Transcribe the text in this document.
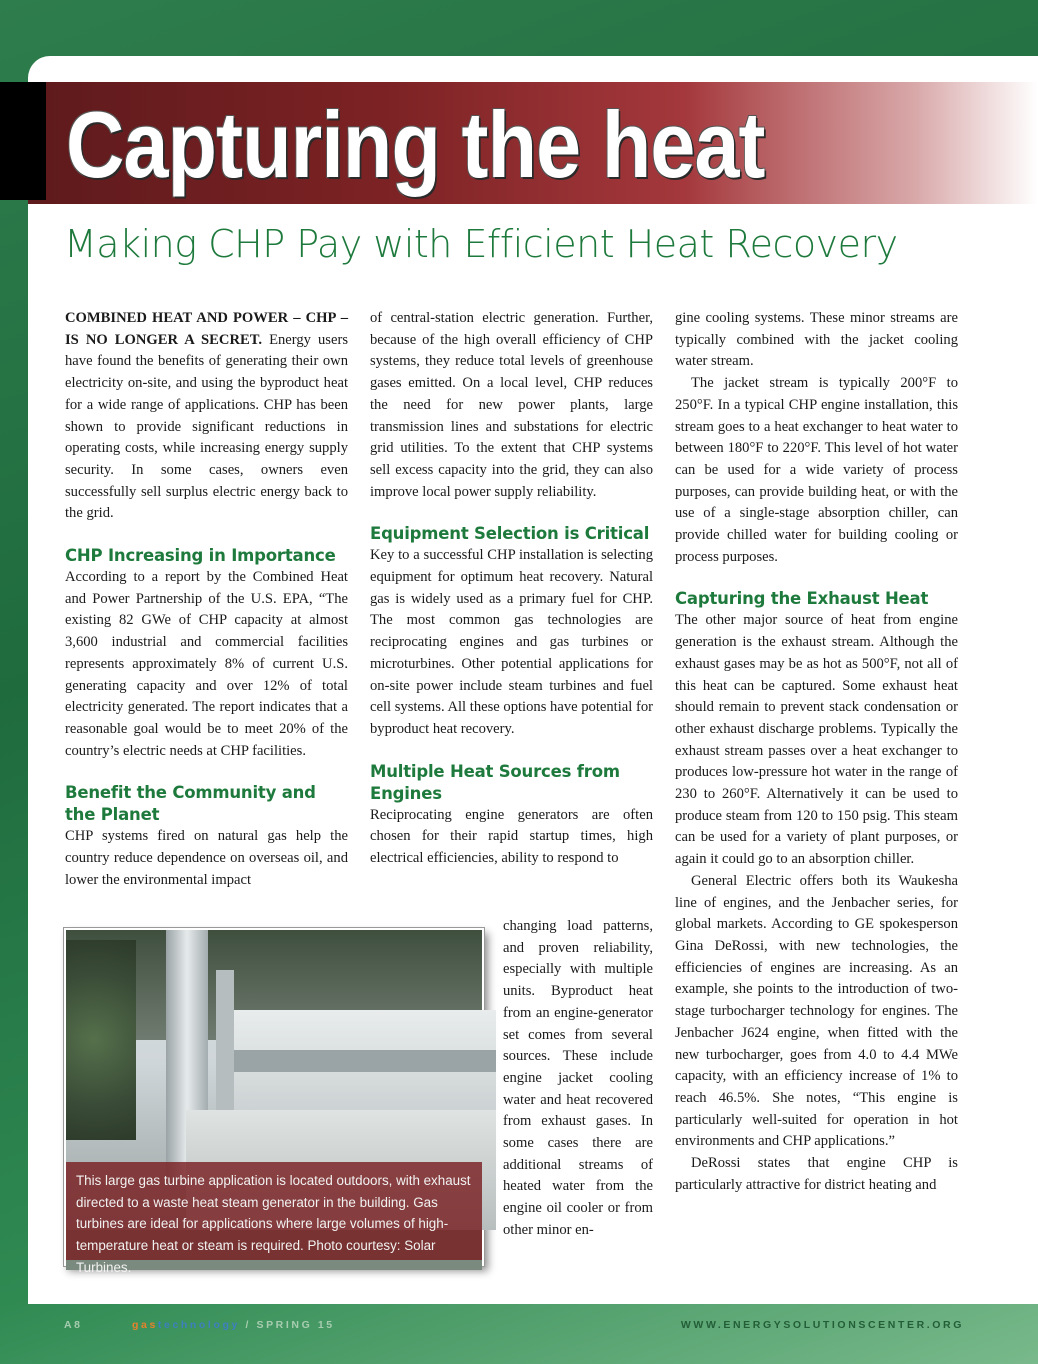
Capturing the heat
Making CHP Pay with Efficient Heat Recovery

COMBINED HEAT AND POWER – CHP – IS NO LONGER A SECRET. Energy users have found the benefits of generating their own electricity on-site, and using the byproduct heat for a wide range of applications. CHP has been shown to provide significant reductions in operating costs, while increasing energy supply security. In some cases, owners even successfully sell surplus electric energy back to the grid.

CHP Increasing in Importance

According to a report by the Combined Heat and Power Partnership of the U.S. EPA, “The existing 82 GWe of CHP capacity at almost 3,600 industrial and commercial facilities represents approximately 8% of current U.S. generating capacity and over 12% of total electricity generated. The report indicates that a reasonable goal would be to meet 20% of the country’s electric needs at CHP facilities.

Benefit the Community and the Planet

CHP systems fired on natural gas help the country reduce dependence on overseas oil, and lower the environmental impact

of central-station electric generation. Further, because of the high overall efficiency of CHP systems, they reduce total levels of greenhouse gases emitted. On a local level, CHP reduces the need for new power plants, large transmission lines and substations for electric grid utilities. To the extent that CHP systems sell excess capacity into the grid, they can also improve local power supply reliability.

Equipment Selection is Critical

Key to a successful CHP installation is selecting equipment for optimum heat recovery. Natural gas is widely used as a primary fuel for CHP. The most common gas technologies are reciprocating engines and gas turbines or microturbines. Other potential applications for on-site power include steam turbines and fuel cell systems. All these options have potential for byproduct heat recovery.

Multiple Heat Sources from Engines

Reciprocating engine generators are often chosen for their rapid startup times, high electrical efficiencies, ability to respond to

changing load patterns, and proven reliability, especially with multiple units. Byproduct heat from an engine-generator set comes from several sources. These include engine jacket cooling water and heat recovered from exhaust gases. In some cases there are additional streams of heated water from the engine oil cooler or from other minor en-

gine cooling systems. These minor streams are typically combined with the jacket cooling water stream.

The jacket stream is typically 200°F to 250°F. In a typical CHP engine installation, this stream goes to a heat exchanger to heat water to between 180°F to 220°F. This level of hot water can be used for a wide variety of process purposes, can provide building heat, or with the use of a single-stage absorption chiller, can provide chilled water for building cooling or process purposes.

Capturing the Exhaust Heat

The other major source of heat from engine generation is the exhaust stream. Although the exhaust gases may be as hot as 500°F, not all of this heat can be captured. Some exhaust heat should remain to prevent stack condensation or other exhaust discharge problems. Typically the exhaust stream passes over a heat exchanger to produces low-pressure hot water in the range of 230 to 260°F. Alternatively it can be used to produce steam from 120 to 150 psig. This steam can be used for a variety of plant purposes, or again it could go to an absorption chiller.

General Electric offers both its Waukesha line of engines, and the Jenbacher series, for global markets. According to GE spokesperson Gina DeRossi, with new technologies, the efficiencies of engines are increasing. As an example, she points to the introduction of two-stage turbocharger technology for engines. The Jenbacher J624 engine, when fitted with the new turbocharger, goes from 4.0 to 4.4 MWe capacity, with an efficiency increase of 1% to reach 46.5%. She notes, “This engine is particularly well-suited for operation in hot environments and CHP applications.”

DeRossi states that engine CHP is particularly attractive for district heating and

This large gas turbine application is located outdoors, with exhaust directed to a waste heat steam generator in the building. Gas turbines are ideal for applications where large volumes of high-temperature heat or steam is required. Photo courtesy: Solar Turbines.
A8	gastechnology / SPRING 15	WWW.ENERGYSOLUTIONSCENTER.ORG
